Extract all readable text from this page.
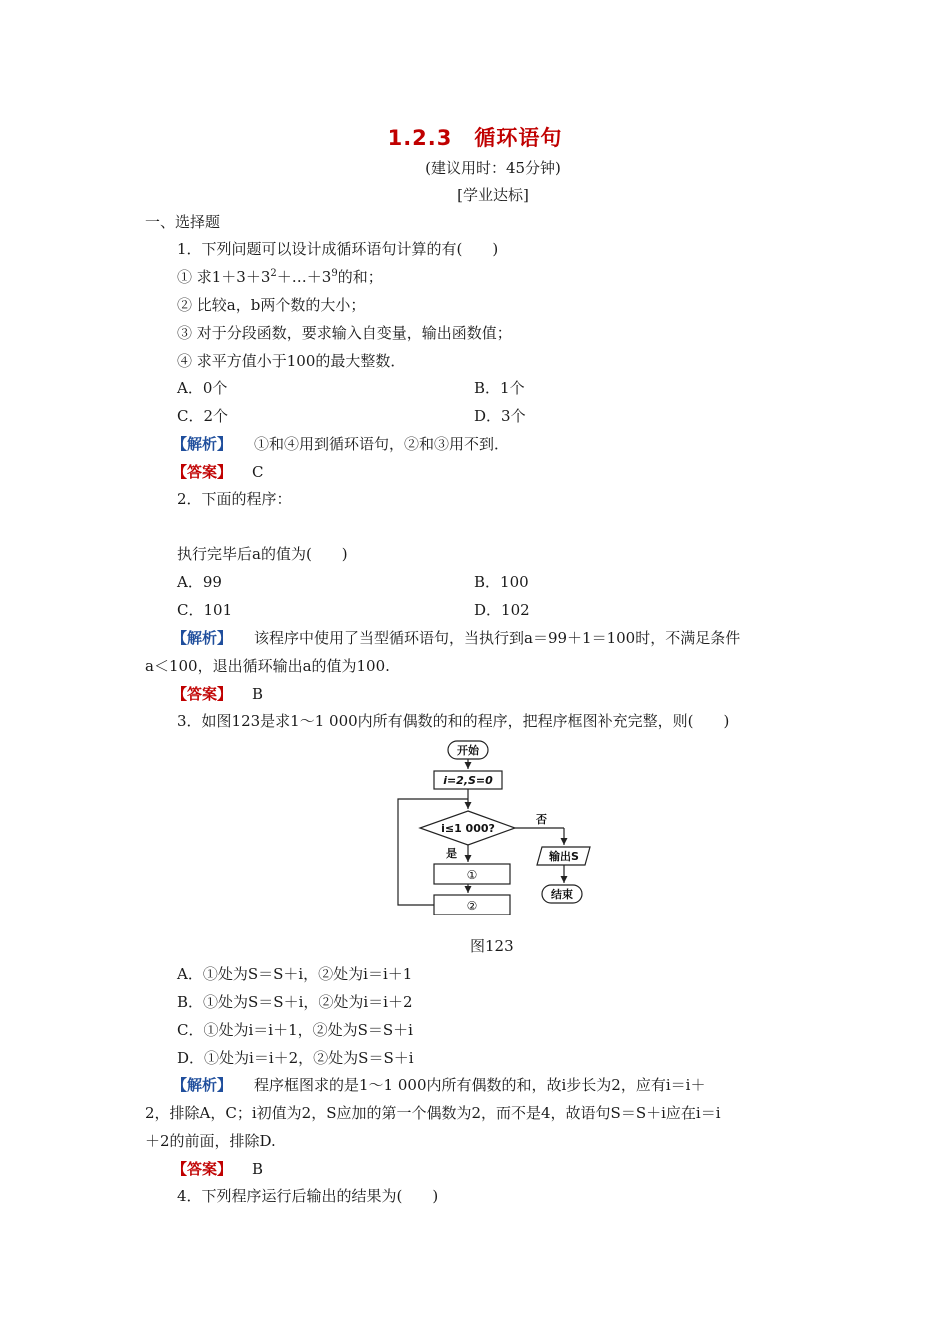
1.2.3　循环语句
(建议用时：45分钟)
[学业达标]
一、选择题
1．下列问题可以设计成循环语句计算的有(　　)
① 求$1+3+3^2+\dots+3^9$的和；
② 比较a，b两个数的大小；
③ 对于分段函数，要求输入自变量，输出函数值；
④ 求平方值小于100的最大整数．
A．0个	B．1个
C．2个	D．3个
【解析】 ①和④用到循环语句，②和③用不到．
【答案】 C
2．下面的程序：
执行完毕后a的值为(　　)
A．99	B．100
C．101	D．102
【解析】 该程序中使用了当型循环语句，当执行到a＝99＋1＝100时，不满足条件
a＜100，退出循环输出a的值为100.
【答案】 B
3．如图123是求1～1 000内所有偶数的和的程序，把程序框图补充完整，则(　　)
开始
i=2,S=0
i≤1 000?
否
是	输出S
结束
①
②
图123
A．①处为S＝S＋i，②处为i＝i＋1
B．①处为S＝S＋i，②处为i＝i＋2
C．①处为i＝i＋1，②处为S＝S＋i
D．①处为i＝i＋2，②处为S＝S＋i
【解析】 程序框图求的是1～1 000内所有偶数的和，故i步长为2，应有i＝i＋
2，排除A，C；i初值为2，S应加的第一个偶数为2，而不是4，故语句S＝S＋i应在i＝i
＋2的前面，排除D.
【答案】 B
4．下列程序运行后输出的结果为(　　)
